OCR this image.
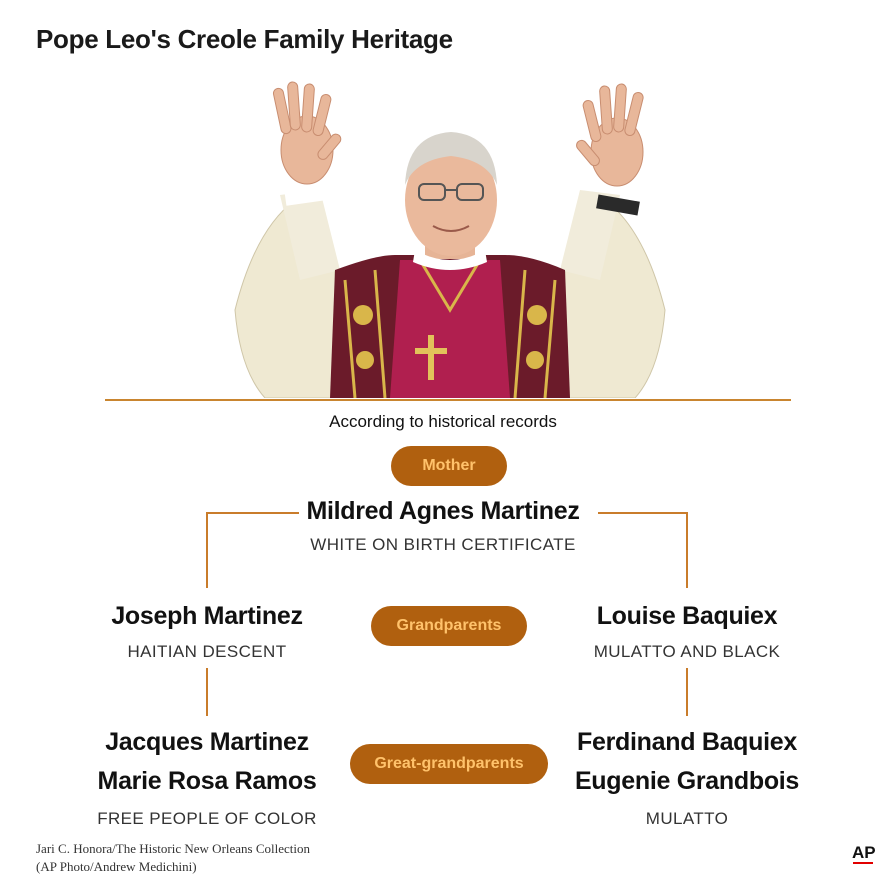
Pope Leo's Creole Family Heritage
According to historical records
Mother
Mildred Agnes Martinez
WHITE ON BIRTH CERTIFICATE
Grandparents
Joseph Martinez
HAITIAN DESCENT
Louise Baquiex
MULATTO AND BLACK
Great-grandparents
Jacques Martinez
Marie Rosa Ramos
FREE PEOPLE OF COLOR
Ferdinand Baquiex
Eugenie Grandbois
MULATTO
Jari C. Honora/The Historic New Orleans Collection
(AP Photo/Andrew Medichini)
AP
